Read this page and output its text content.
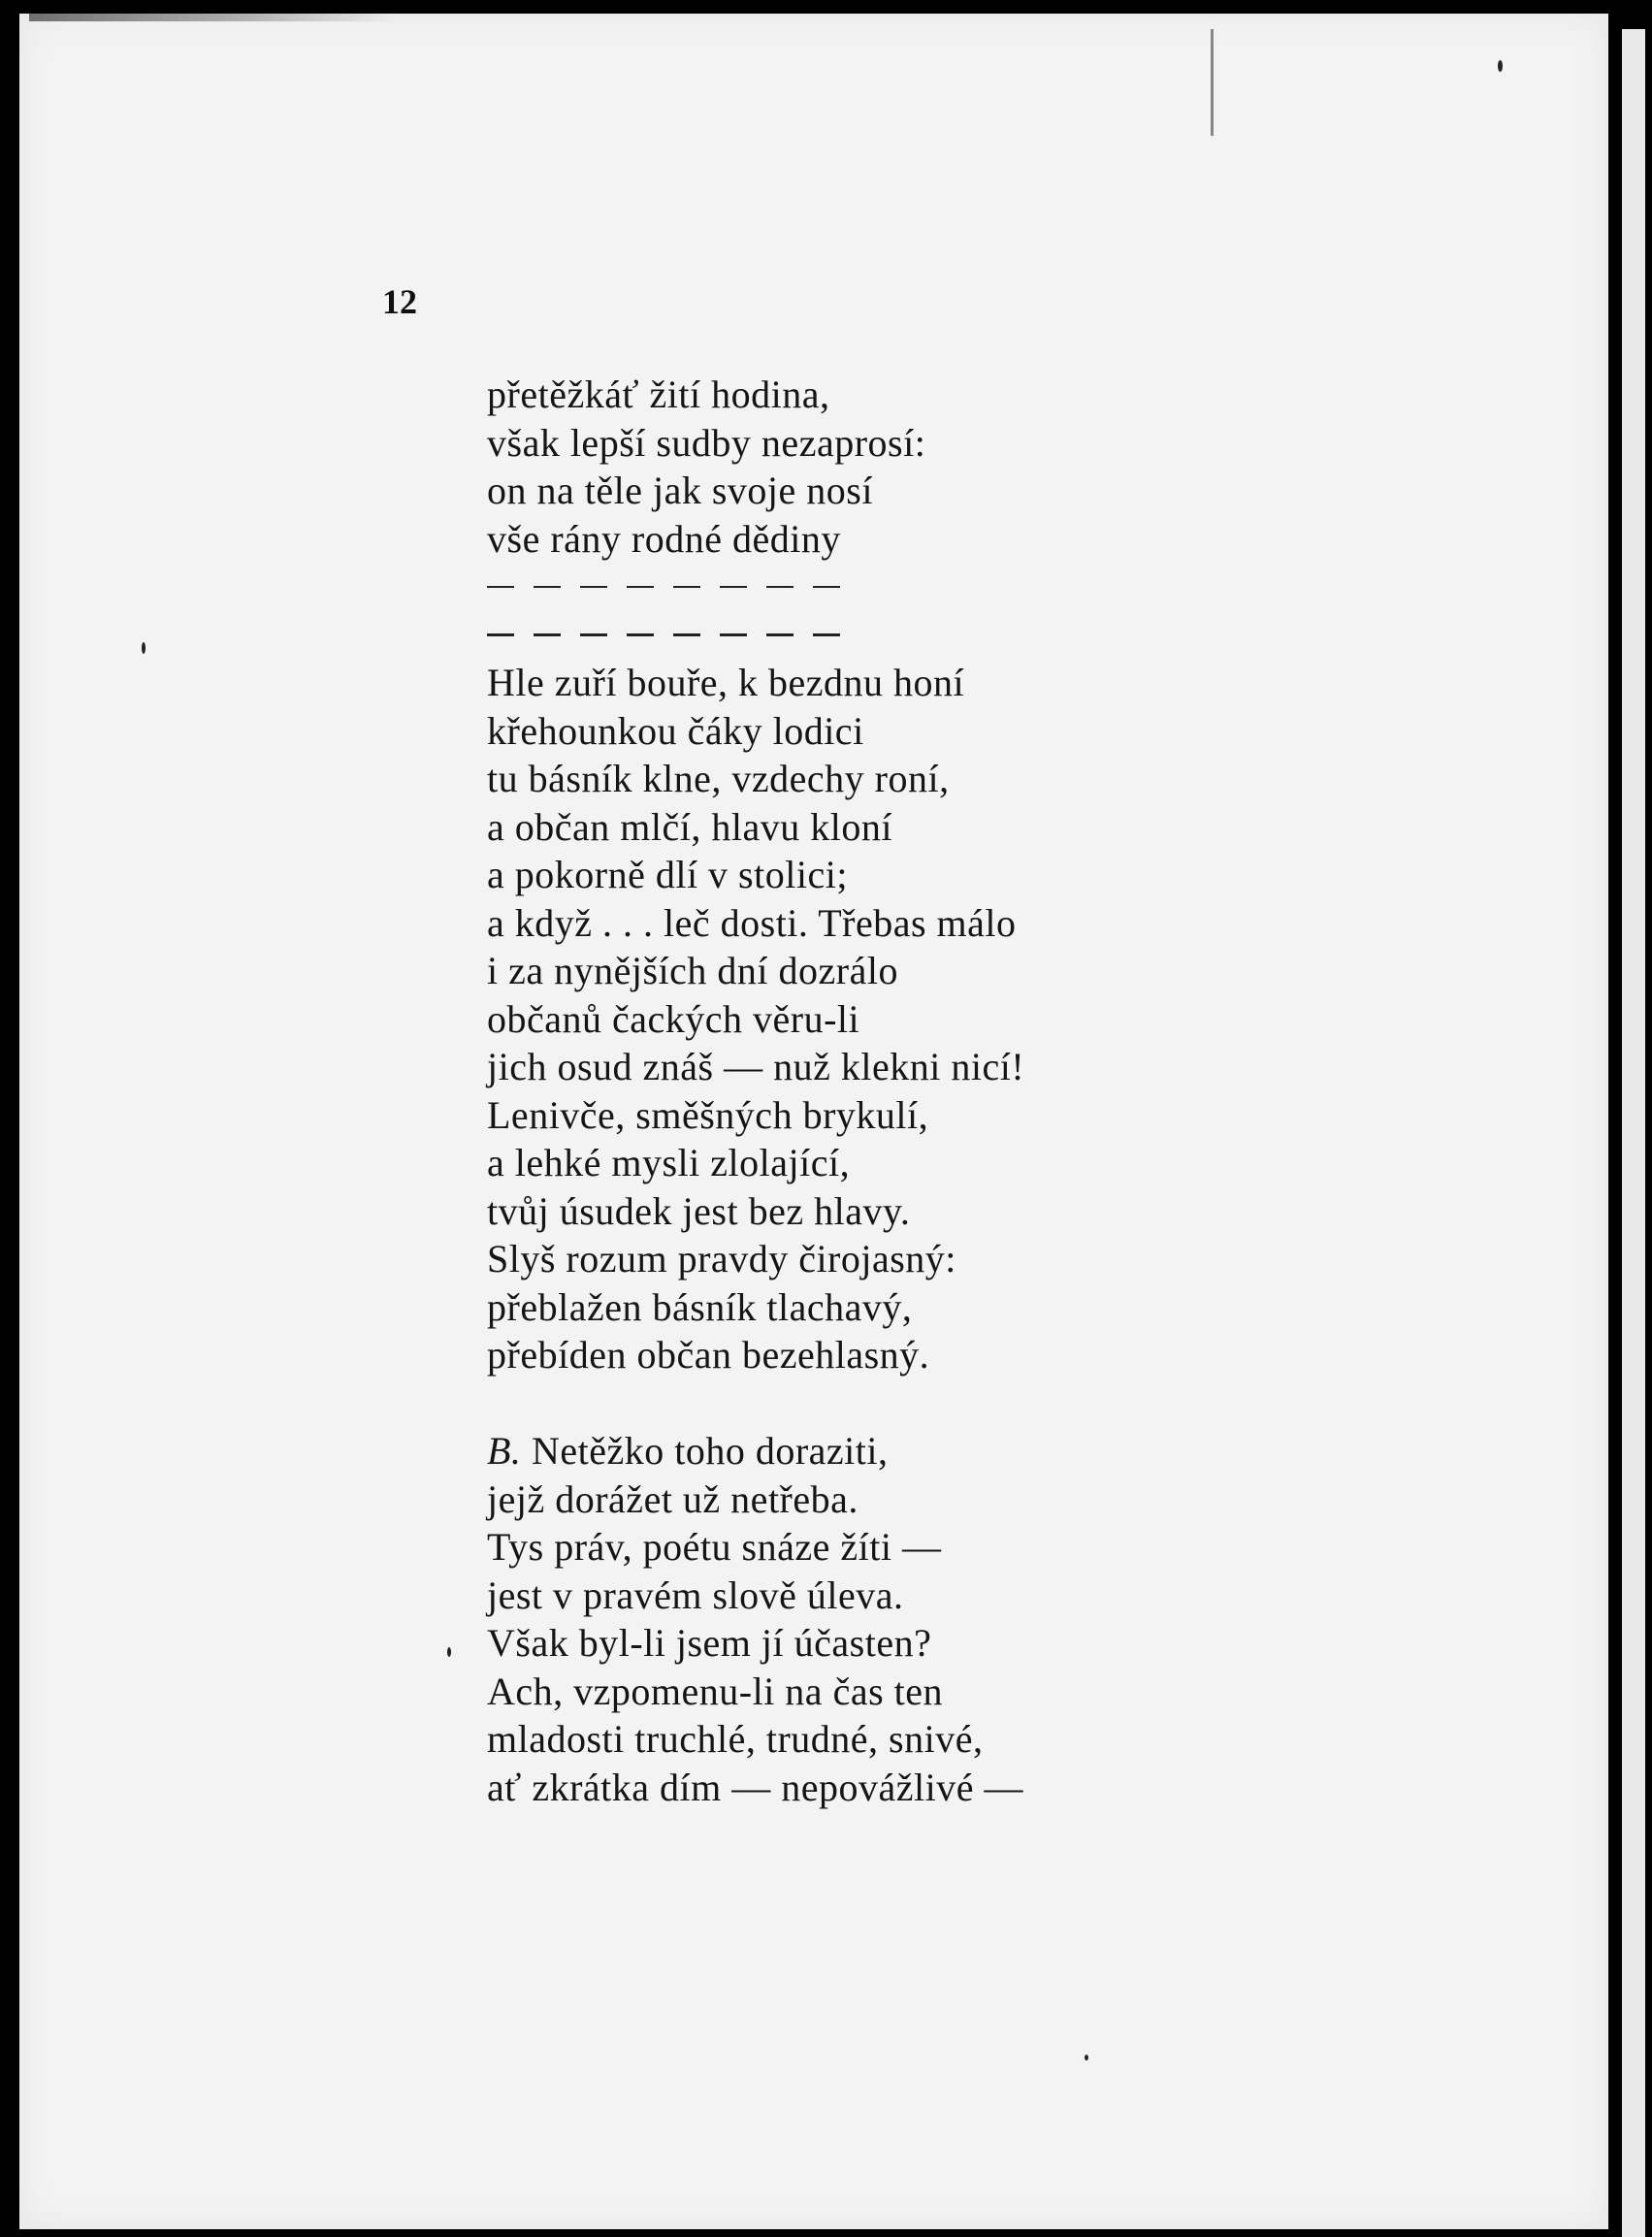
12
přetěžkáť žití hodina,
však lepší sudby nezaprosí:
on na těle jak svoje nosí
vše rány rodné dědiny
Hle zuří bouře, k bezdnu honí
křehounkou čáky lodici
tu básník klne, vzdechy roní,
a občan mlčí, hlavu kloní
a pokorně dlí v stolici;
a když . . . leč dosti. Třebas málo
i za nynějších dní dozrálo
občanů čackých věru-li
jich osud znáš — nuž klekni nicí!
Lenivče, směšných brykulí,
a lehké mysli zlolající,
tvůj úsudek jest bez hlavy.
Slyš rozum pravdy čirojasný:
přeblažen básník tlachavý,
přebíden občan bezehlasný.
B. Netěžko toho doraziti,
jejž dorážet už netřeba.
Tys práv, poétu snáze žíti —
jest v pravém slově úleva.
Však byl-li jsem jí účasten?
Ach, vzpomenu-li na čas ten
mladosti truchlé, trudné, snivé,
ať zkrátka dím — nepovážlivé —
